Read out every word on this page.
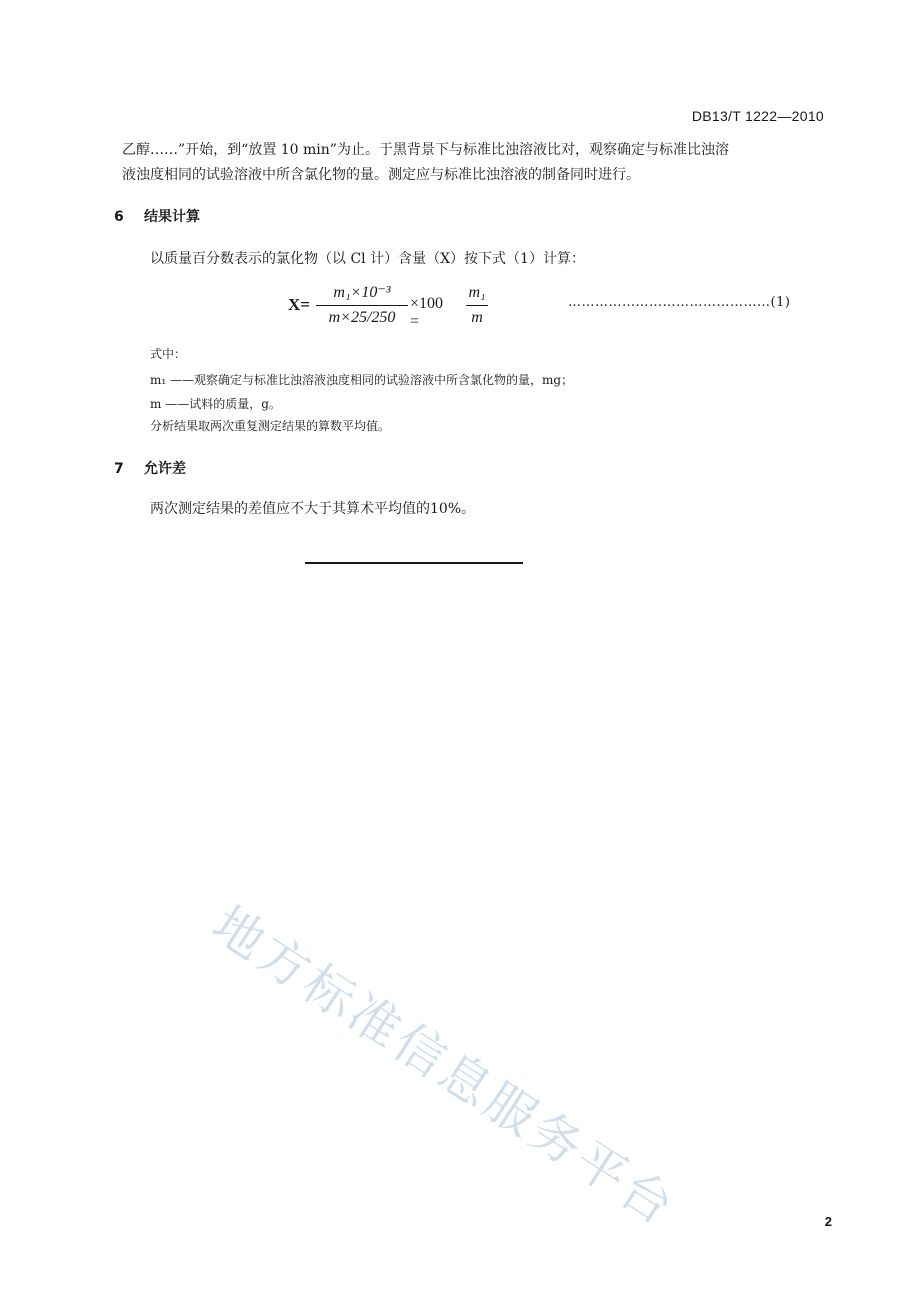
DB13/T 1222—2010
乙醇……”开始，到“放置 10 min”为止。于黑背景下与标准比浊溶液比对，观察确定与标准比浊溶
液浊度相同的试验溶液中所含氯化物的量。测定应与标准比浊溶液的制备同时进行。
6 结果计算
以质量百分数表示的氯化物（以 Cl 计）含量（X）按下式（1）计算：
X=
m₁×10⁻³
m×25/250
×100 =
m₁
m
………………………………………(1)
式中：
m₁ ——观察确定与标准比浊溶液浊度相同的试验溶液中所含氯化物的量，mg；
m ——试料的质量，g。
分析结果取两次重复测定结果的算数平均值。
7 允许差
两次测定结果的差值应不大于其算术平均值的10%。
地方标准信息服务平台	2
